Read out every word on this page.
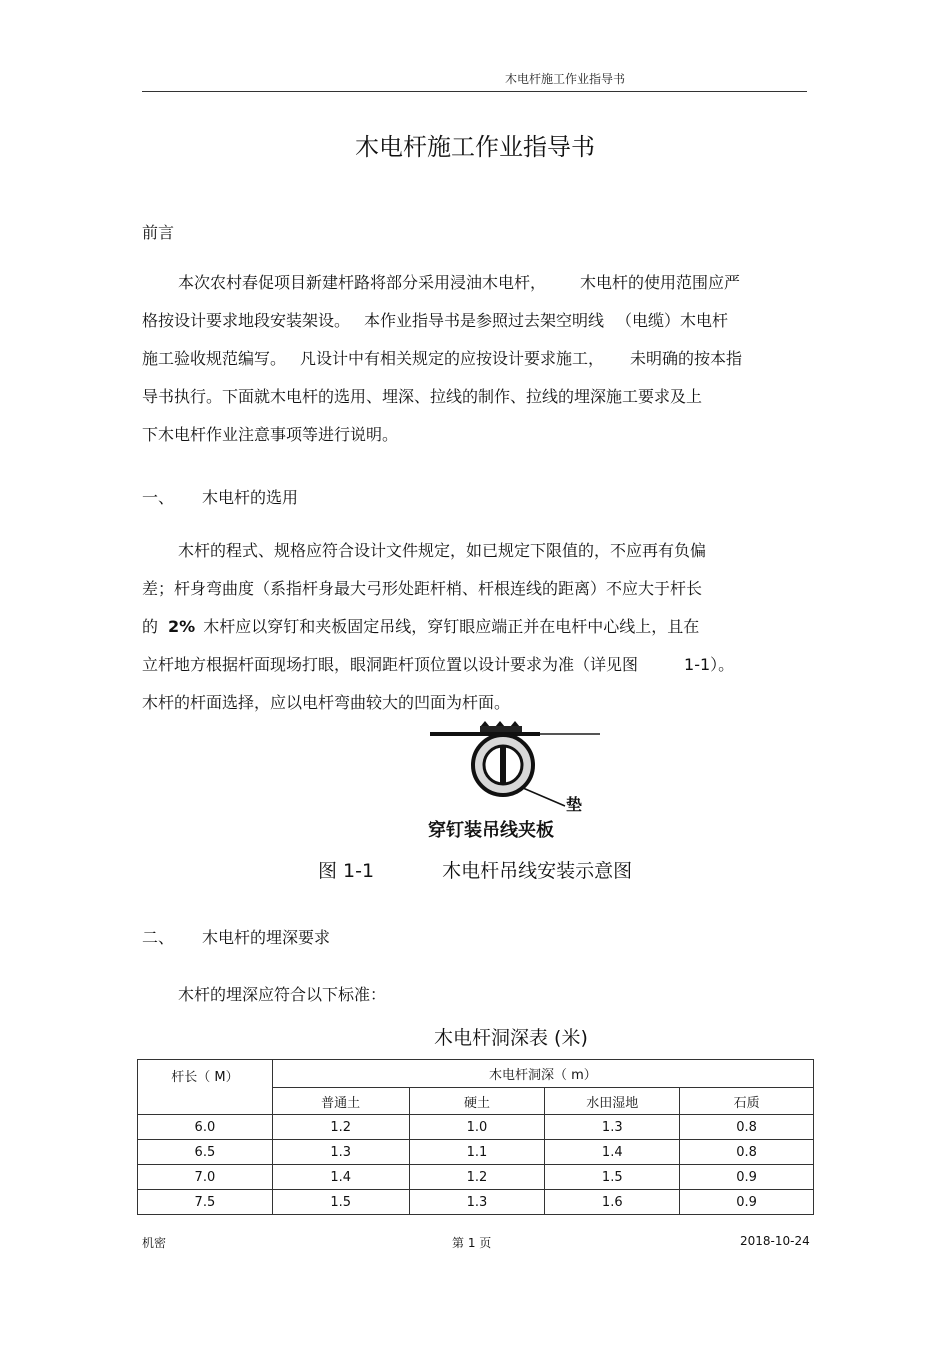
木电杆施工作业指导书
木电杆施工作业指导书
前言
本次农村春促项目新建杆路将部分采用浸油木电杆， 木电杆的使用范围应严
格按设计要求地段安装架设。 本作业指导书是参照过去架空明线 （电缆）木电杆
施工验收规范编写。 凡设计中有相关规定的应按设计要求施工， 未明确的按本指
导书执行。下面就木电杆的选用、埋深、拉线的制作、拉线的埋深施工要求及上
下木电杆作业注意事项等进行说明。
一、 木电杆的选用
木杆的程式、规格应符合设计文件规定，如已规定下限值的，不应再有负偏
差；杆身弯曲度（系指杆身最大弓形处距杆梢、杆根连线的距离）不应大于杆长
的 2% 木杆应以穿钉和夹板固定吊线，穿钉眼应端正并在电杆中心线上，且在
立杆地方根据杆面现场打眼，眼洞距杆顶位置以设计要求为准（详见图	1-1）。
木杆的杆面选择，应以电杆弯曲较大的凹面为杆面。
垫
穿钉装吊线夹板
图 1-1	木电杆吊线安装示意图
二、 木电杆的埋深要求
木杆的埋深应符合以下标准：
木电杆洞深表 (米)
杆长（ M）	木电杆洞深（ m）			
	普通土	硬土	水田湿地	石质
6.0	1.2	1.0	1.3	0.8
6.5	1.3	1.1	1.4	0.8
7.0	1.4	1.2	1.5	0.9
7.5	1.5	1.3	1.6	0.9
机密	第 1 页	2018-10-24
